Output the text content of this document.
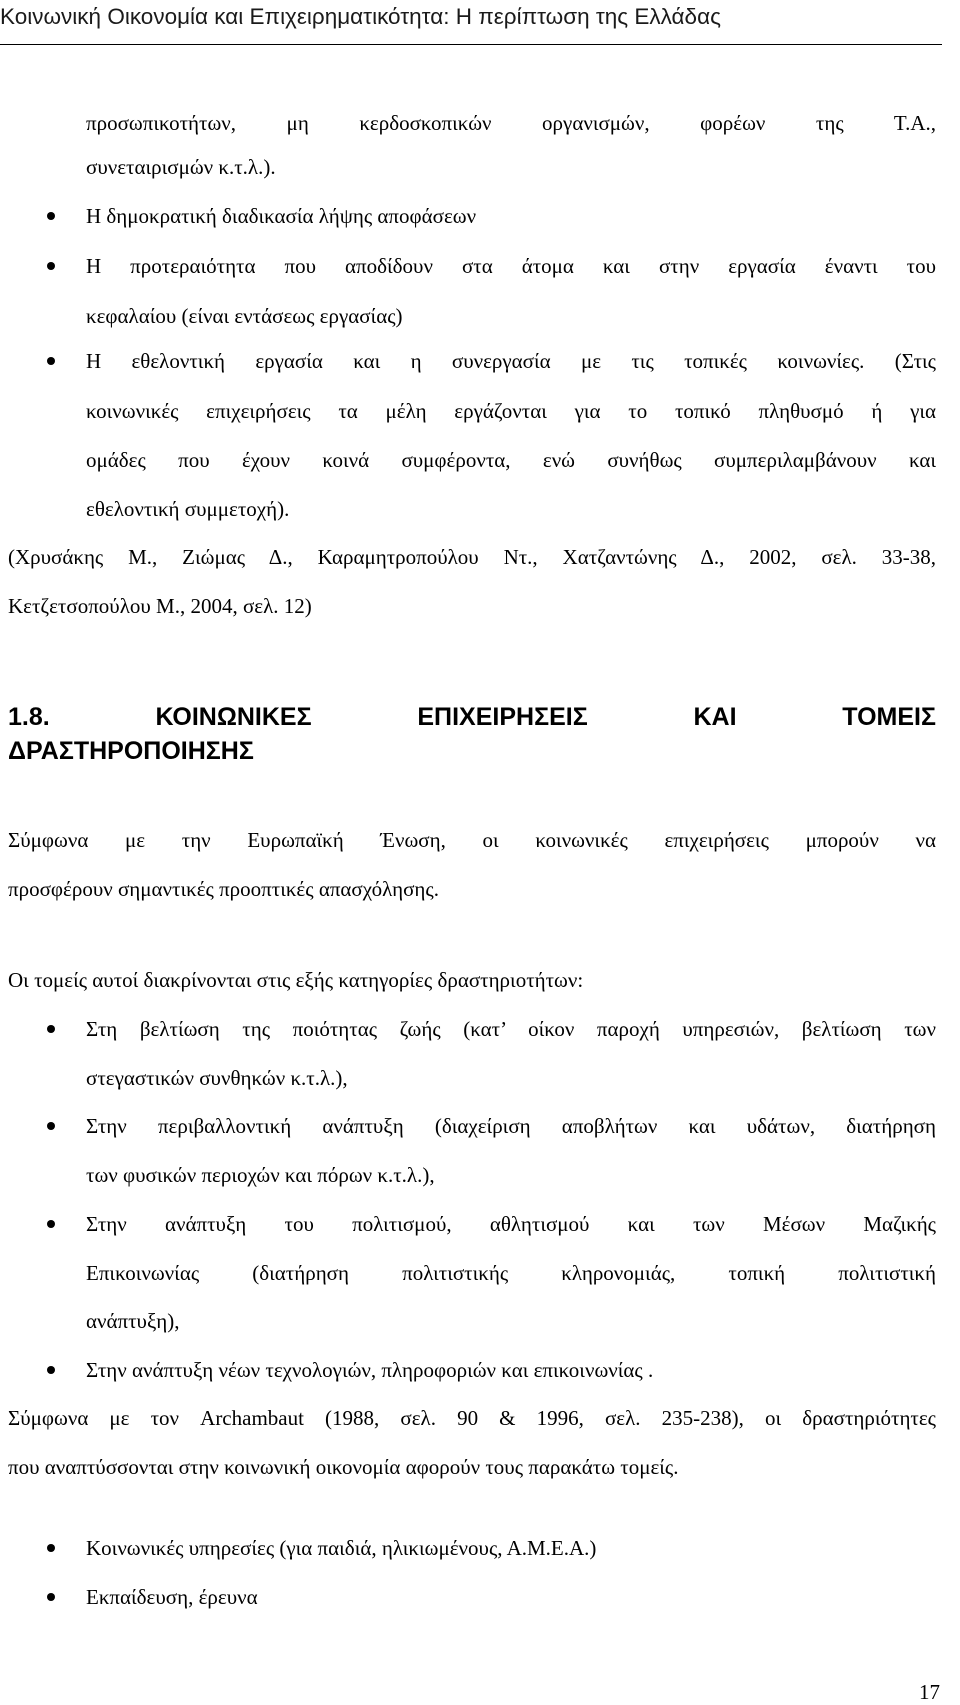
Κοινωνική Οικονομία και Επιχειρηματικότητα: Η περίπτωση της Ελλάδας
προσωπικοτήτων, μη κερδοσκοπικών οργανισμών, φορέων της Τ.Α.,
συνεταιρισμών κ.τ.λ.).
Η δημοκρατική διαδικασία λήψης αποφάσεων
Η προτεραιότητα που αποδίδουν στα άτομα και στην εργασία έναντι του
κεφαλαίου (είναι εντάσεως εργασίας)
Η εθελοντική εργασία και η συνεργασία με τις τοπικές κοινωνίες. (Στις
κοινωνικές επιχειρήσεις τα μέλη εργάζονται για το τοπικό πληθυσμό ή για
ομάδες που έχουν κοινά συμφέροντα, ενώ συνήθως συμπεριλαμβάνουν και
εθελοντική συμμετοχή).
(Χρυσάκης Μ., Ζιώμας Δ., Καραμητροπούλου Ντ., Χατζαντώνης Δ., 2002, σελ. 33-38,
Κετζετσοπούλου Μ., 2004, σελ. 12)
1.8. ΚΟΙΝΩΝΙΚΕΣ ΕΠΙΧΕΙΡΗΣΕΙΣ ΚΑΙ ΤΟΜΕΙΣ
ΔΡΑΣΤΗΡΟΠΟΙΗΣΗΣ
Σύμφωνα με την Ευρωπαϊκή Ένωση, οι κοινωνικές επιχειρήσεις μπορούν να
προσφέρουν σημαντικές προοπτικές απασχόλησης.
Οι τομείς αυτοί διακρίνονται στις εξής κατηγορίες δραστηριοτήτων:
Στη βελτίωση της ποιότητας ζωής (κατ’ οίκον παροχή υπηρεσιών, βελτίωση των
στεγαστικών συνθηκών κ.τ.λ.),
Στην περιβαλλοντική ανάπτυξη (διαχείριση αποβλήτων και υδάτων, διατήρηση
των φυσικών περιοχών και πόρων κ.τ.λ.),
Στην ανάπτυξη του πολιτισμού, αθλητισμού και των Μέσων Μαζικής
Επικοινωνίας (διατήρηση πολιτιστικής κληρονομιάς, τοπική πολιτιστική
ανάπτυξη),
Στην ανάπτυξη νέων τεχνολογιών, πληροφοριών και επικοινωνίας .
Σύμφωνα με τον Archambaut (1988, σελ. 90 & 1996, σελ. 235-238), οι δραστηριότητες
που αναπτύσσονται στην κοινωνική οικονομία αφορούν τους παρακάτω τομείς.
Κοινωνικές υπηρεσίες (για παιδιά, ηλικιωμένους, Α.Μ.Ε.Α.)
Εκπαίδευση, έρευνα
17
